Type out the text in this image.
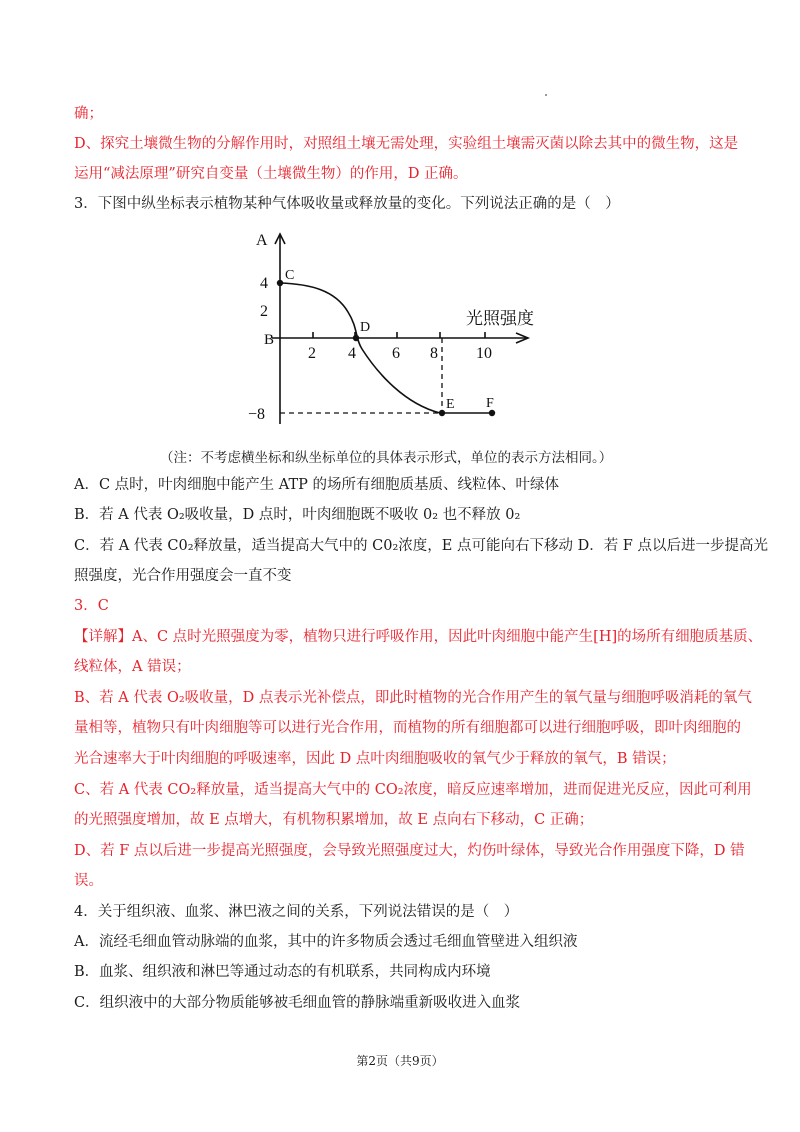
确；
D、探究土壤微生物的分解作用时，对照组土壤无需处理，实验组土壤需灭菌以除去其中的微生物，这是
运用“减法原理”研究自变量（土壤微生物）的作用，D 正确。
3．下图中纵坐标表示植物某种气体吸收量或释放量的变化。下列说法正确的是（　）
A
光照强度
4
2
B
−8
2 4 6 8 10
C
D
E F
（注：不考虑横坐标和纵坐标单位的具体表示形式，单位的表示方法相同。）
A．C 点时，叶肉细胞中能产生 ATP 的场所有细胞质基质、线粒体、叶绿体
B．若 A 代表 O₂吸收量，D 点时，叶肉细胞既不吸收 0₂ 也不释放 0₂
C．若 A 代表 C0₂释放量，适当提高大气中的 C0₂浓度，E 点可能向右下移动 D．若 F 点以后进一步提高光
照强度，光合作用强度会一直不变
3．C
【详解】A、C 点时光照强度为零，植物只进行呼吸作用，因此叶肉细胞中能产生[H]的场所有细胞质基质、
线粒体，A 错误；
B、若 A 代表 O₂吸收量，D 点表示光补偿点，即此时植物的光合作用产生的氧气量与细胞呼吸消耗的氧气
量相等，植物只有叶肉细胞等可以进行光合作用，而植物的所有细胞都可以进行细胞呼吸，即叶肉细胞的
光合速率大于叶肉细胞的呼吸速率，因此 D 点叶肉细胞吸收的氧气少于释放的氧气，B 错误；
C、若 A 代表 CO₂释放量，适当提高大气中的 CO₂浓度，暗反应速率增加，进而促进光反应，因此可利用
的光照强度增加，故 E 点增大，有机物积累增加，故 E 点向右下移动，C 正确；
D、若 F 点以后进一步提高光照强度，会导致光照强度过大，灼伤叶绿体，导致光合作用强度下降，D 错
误。
4．关于组织液、血浆、淋巴液之间的关系，下列说法错误的是（　）
A．流经毛细血管动脉端的血浆，其中的许多物质会透过毛细血管壁进入组织液
B．血浆、组织液和淋巴等通过动态的有机联系，共同构成内环境
C．组织液中的大部分物质能够被毛细血管的静脉端重新吸收进入血浆
第2页（共9页）
